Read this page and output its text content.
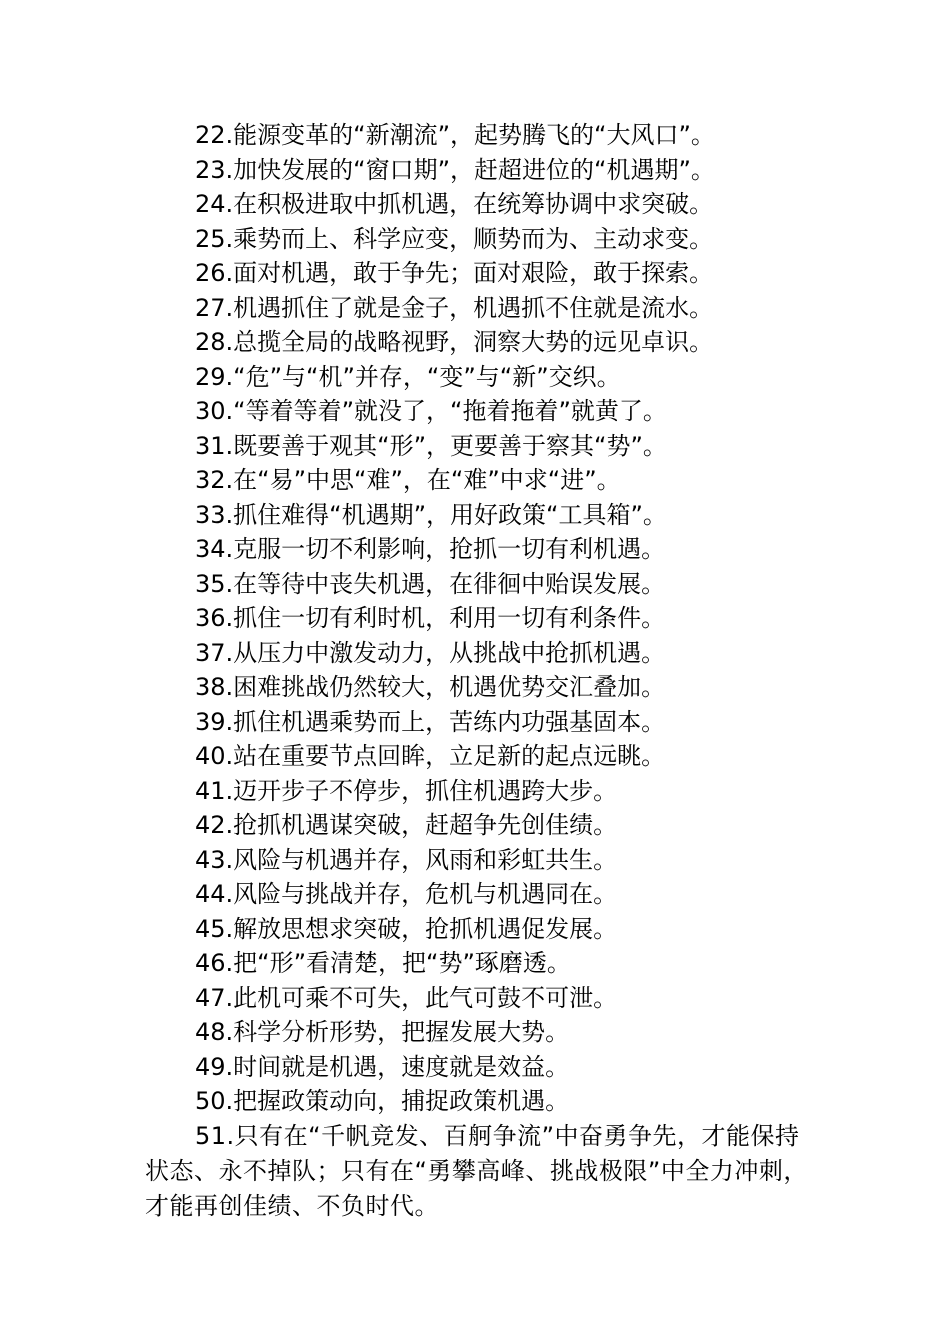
22.能源变革的“新潮流”，起势腾飞的“大风口”。
23.加快发展的“窗口期”，赶超进位的“机遇期”。
24.在积极进取中抓机遇，在统筹协调中求突破。
25.乘势而上、科学应变，顺势而为、主动求变。
26.面对机遇，敢于争先；面对艰险，敢于探索。
27.机遇抓住了就是金子，机遇抓不住就是流水。
28.总揽全局的战略视野，洞察大势的远见卓识。
29.“危”与“机”并存，“变”与“新”交织。
30.“等着等着”就没了，“拖着拖着”就黄了。
31.既要善于观其“形”，更要善于察其“势”。
32.在“易”中思“难”，在“难”中求“进”。
33.抓住难得“机遇期”，用好政策“工具箱”。
34.克服一切不利影响，抢抓一切有利机遇。
35.在等待中丧失机遇，在徘徊中贻误发展。
36.抓住一切有利时机，利用一切有利条件。
37.从压力中激发动力，从挑战中抢抓机遇。
38.困难挑战仍然较大，机遇优势交汇叠加。
39.抓住机遇乘势而上，苦练内功强基固本。
40.站在重要节点回眸，立足新的起点远眺。
41.迈开步子不停步，抓住机遇跨大步。
42.抢抓机遇谋突破，赶超争先创佳绩。
43.风险与机遇并存，风雨和彩虹共生。
44.风险与挑战并存，危机与机遇同在。
45.解放思想求突破，抢抓机遇促发展。
46.把“形”看清楚，把“势”琢磨透。
47.此机可乘不可失，此气可鼓不可泄。
48.科学分析形势，把握发展大势。
49.时间就是机遇，速度就是效益。
50.把握政策动向，捕捉政策机遇。
51.只有在“千帆竞发、百舸争流”中奋勇争先，才能保持状态、永不掉队；只有在“勇攀高峰、挑战极限”中全力冲刺，才能再创佳绩、不负时代。
